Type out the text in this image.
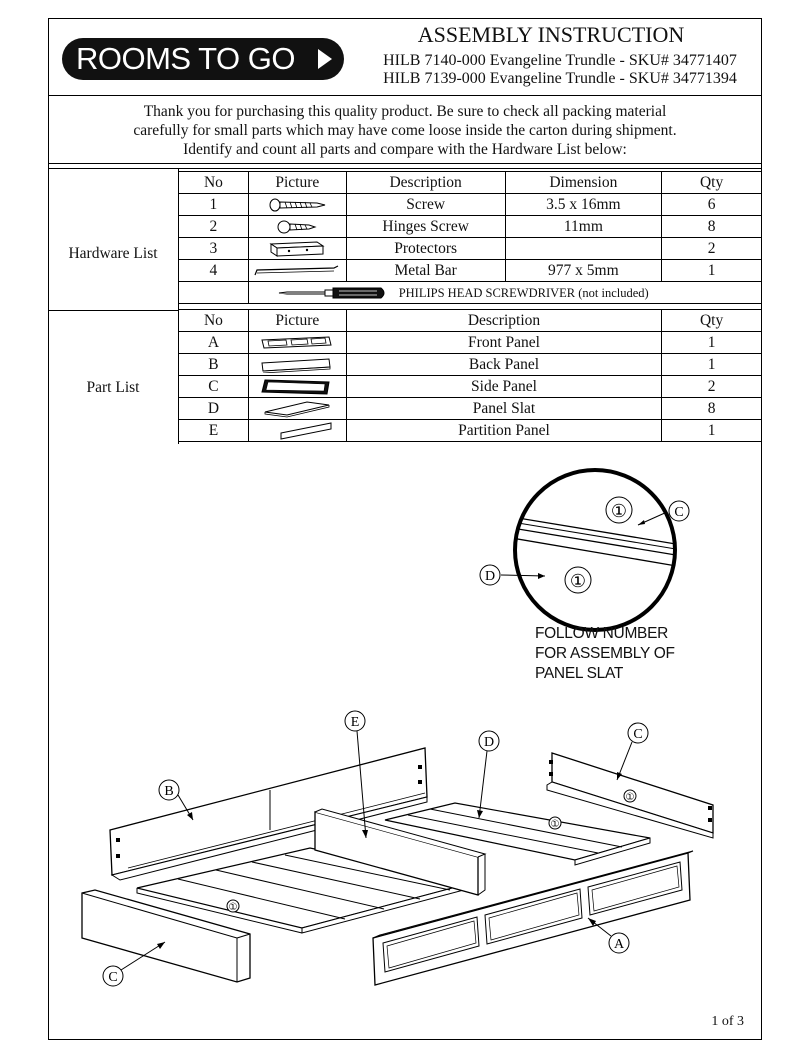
ROOMS TO GO
ASSEMBLY INSTRUCTION
HILB 7140-000 Evangeline Trundle - SKU# 34771407
HILB 7139-000 Evangeline Trundle - SKU# 34771394
Thank you for purchasing this quality product. Be sure to check all packing material
carefully for small parts which may have come loose inside the carton during shipment.
Identify and count all parts and compare with the Hardware List below:
Hardware List
No	Picture	Description	Dimension	Qty
1		Screw	3.5 x 16mm	6
2		Hinges Screw	11mm	8
3		Protectors		2
4		Metal Bar	977 x 5mm	1
	PHILIPS HEAD SCREWDRIVER (not included)			
Part List
No	Picture	Description	Qty
A		Front Panel	1
B		Back Panel	1
C		Side Panel	2
D		Panel Slat	8
E		Partition Panel	1
①
①
C
D
①
①
①
E
D
C
B
C
A
FOLLOW NUMBER
FOR ASSEMBLY OF
PANEL SLAT
1 of 3
